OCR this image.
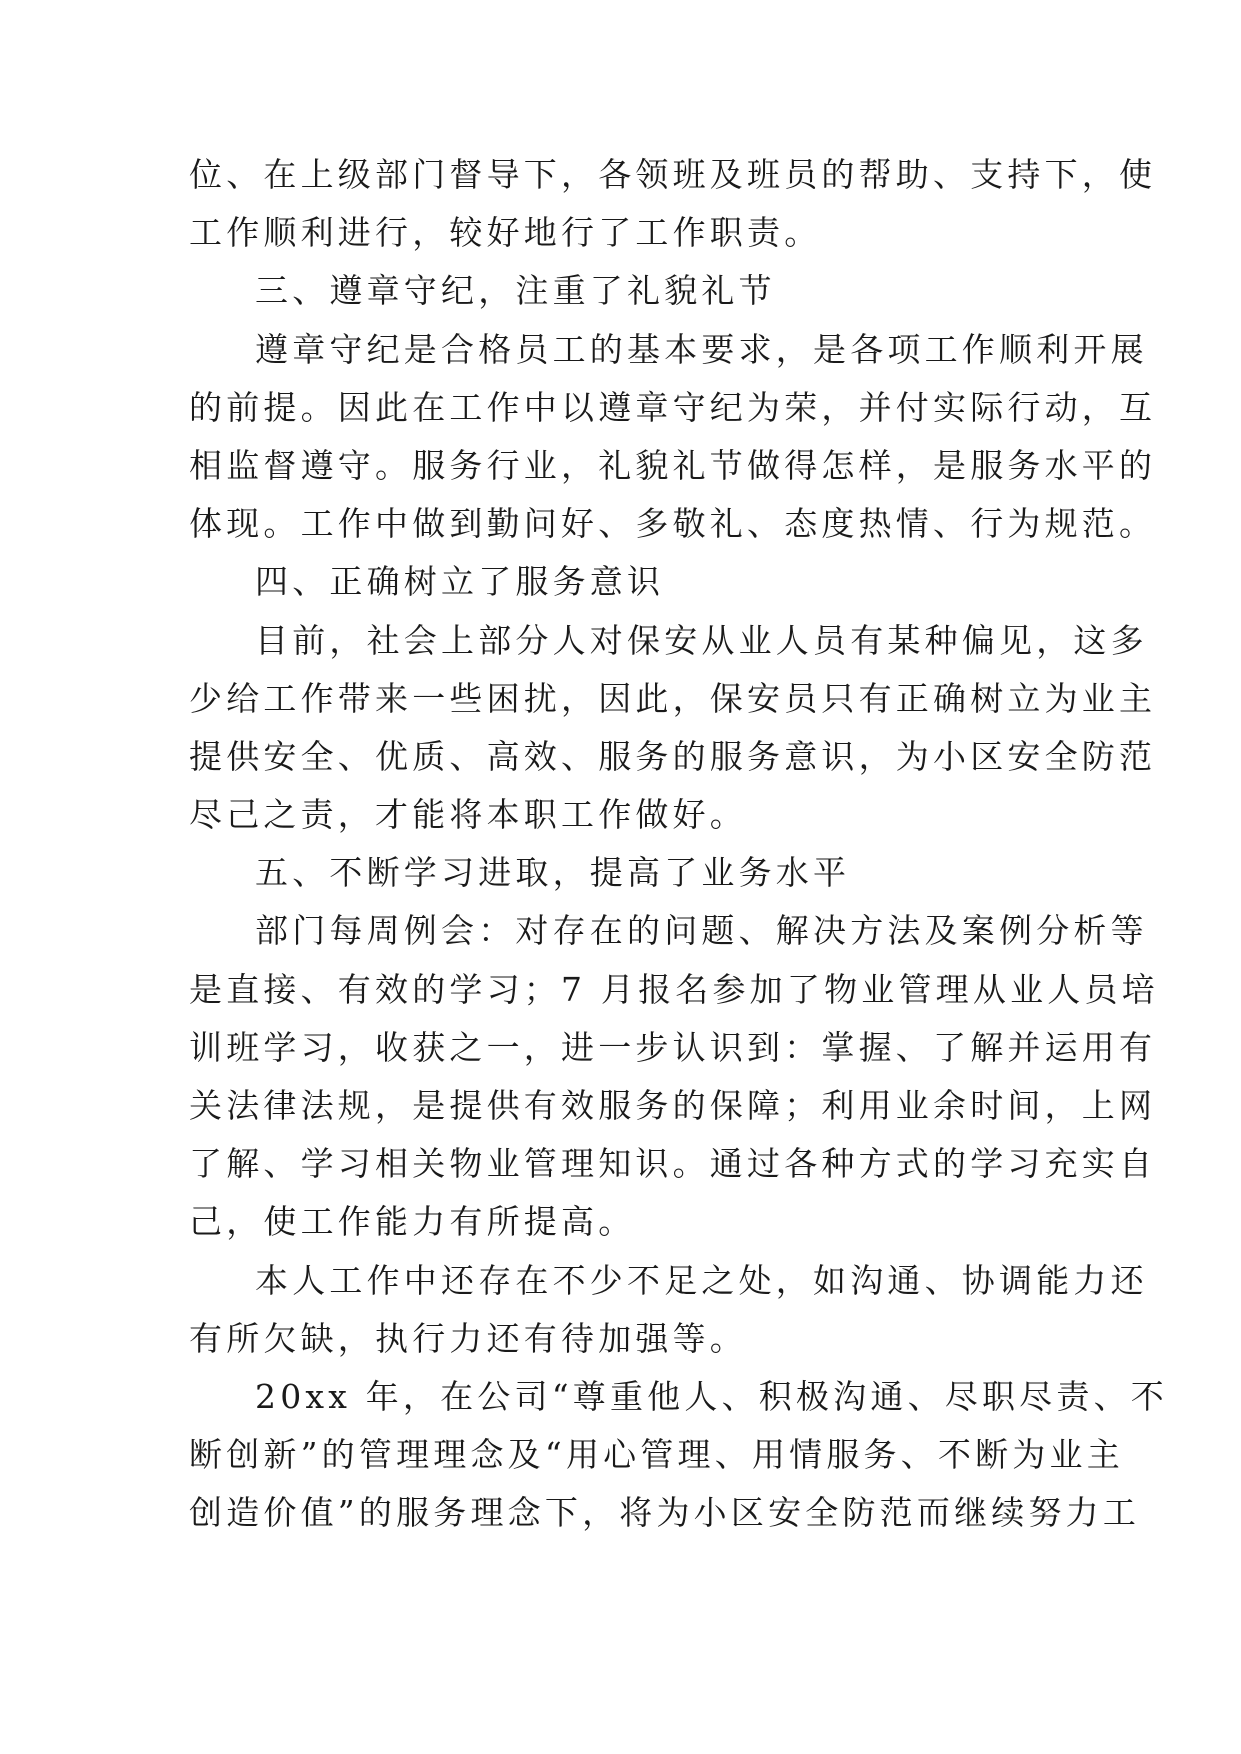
位、在上级部门督导下，各领班及班员的帮助、支持下，使
工作顺利进行，较好地行了工作职责。
三、遵章守纪，注重了礼貌礼节
遵章守纪是合格员工的基本要求，是各项工作顺利开展
的前提。因此在工作中以遵章守纪为荣，并付实际行动，互
相监督遵守。服务行业，礼貌礼节做得怎样，是服务水平的
体现。工作中做到勤问好、多敬礼、态度热情、行为规范。
四、正确树立了服务意识
目前，社会上部分人对保安从业人员有某种偏见，这多
少给工作带来一些困扰，因此，保安员只有正确树立为业主
提供安全、优质、高效、服务的服务意识，为小区安全防范
尽己之责，才能将本职工作做好。
五、不断学习进取，提高了业务水平
部门每周例会：对存在的问题、解决方法及案例分析等
是直接、有效的学习；7 月报名参加了物业管理从业人员培
训班学习，收获之一，进一步认识到：掌握、了解并运用有
关法律法规，是提供有效服务的保障；利用业余时间，上网
了解、学习相关物业管理知识。通过各种方式的学习充实自
己，使工作能力有所提高。
本人工作中还存在不少不足之处，如沟通、协调能力还
有所欠缺，执行力还有待加强等。
20xx 年，在公司“尊重他人、积极沟通、尽职尽责、不
断创新”的管理理念及“用心管理、用情服务、不断为业主
创造价值”的服务理念下，将为小区安全防范而继续努力工
